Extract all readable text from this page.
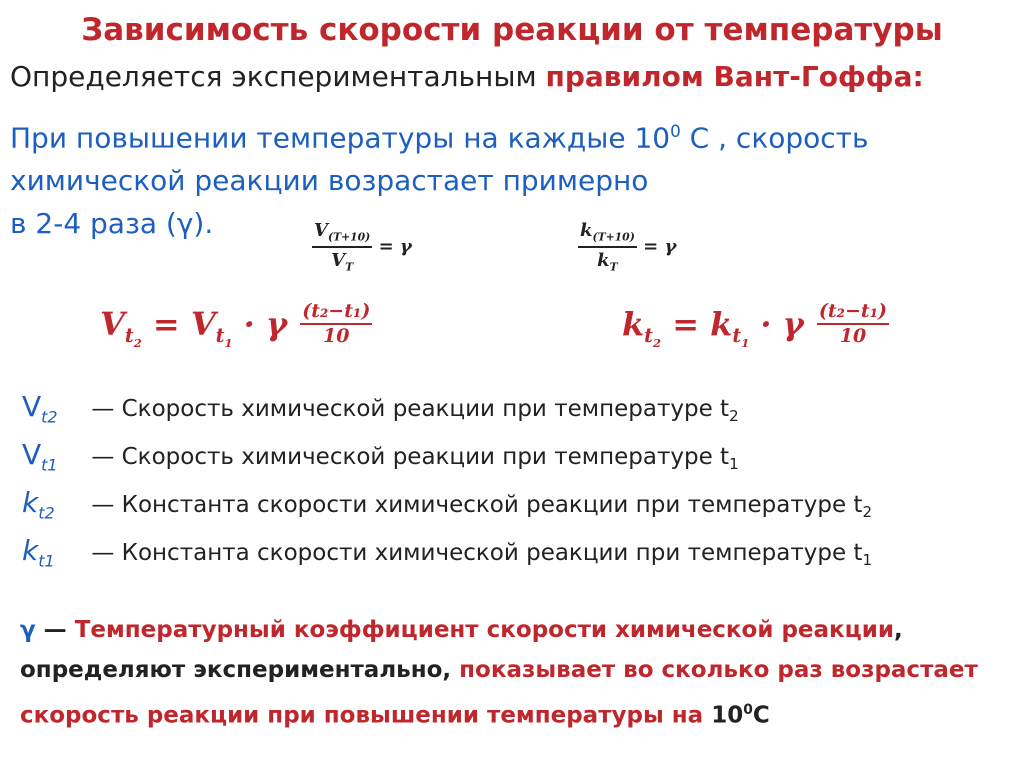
Зависимость скорости реакции от температуры
Определяется экспериментальным правилом Вант-Гоффа:
При повышении температуры на каждые $10^0$ С , скорость
химической реакции возрастает примерно
в 2-4 раза (γ).	$\frac{V_{(T+10)}}{V_T} = \gamma$	$\frac{k_{(T+10)}}{k_T} = \gamma$
$V_{t_2} = V_{t_1} \cdot \gamma \frac{\text{(t₂−t₁)}}{10}$	$k_{t_2} = k_{t_1} \cdot \gamma \frac{\text{(t₂−t₁)}}{10}$
$V_{t2}$ — Скорость химической реакции при температуре $t_2$
$V_{t1}$ — Скорость химической реакции при температуре $t_1$
$k_{t2}$ — Константа скорости химической реакции при температуре $t_2$
$k_{t1}$ — Константа скорости химической реакции при температуре $t_1$
γ — Температурный коэффициент скорости химической реакции, определяют экспериментально, показывает во сколько раз возрастает скорость реакции при повышении температуры на $10^0С$
